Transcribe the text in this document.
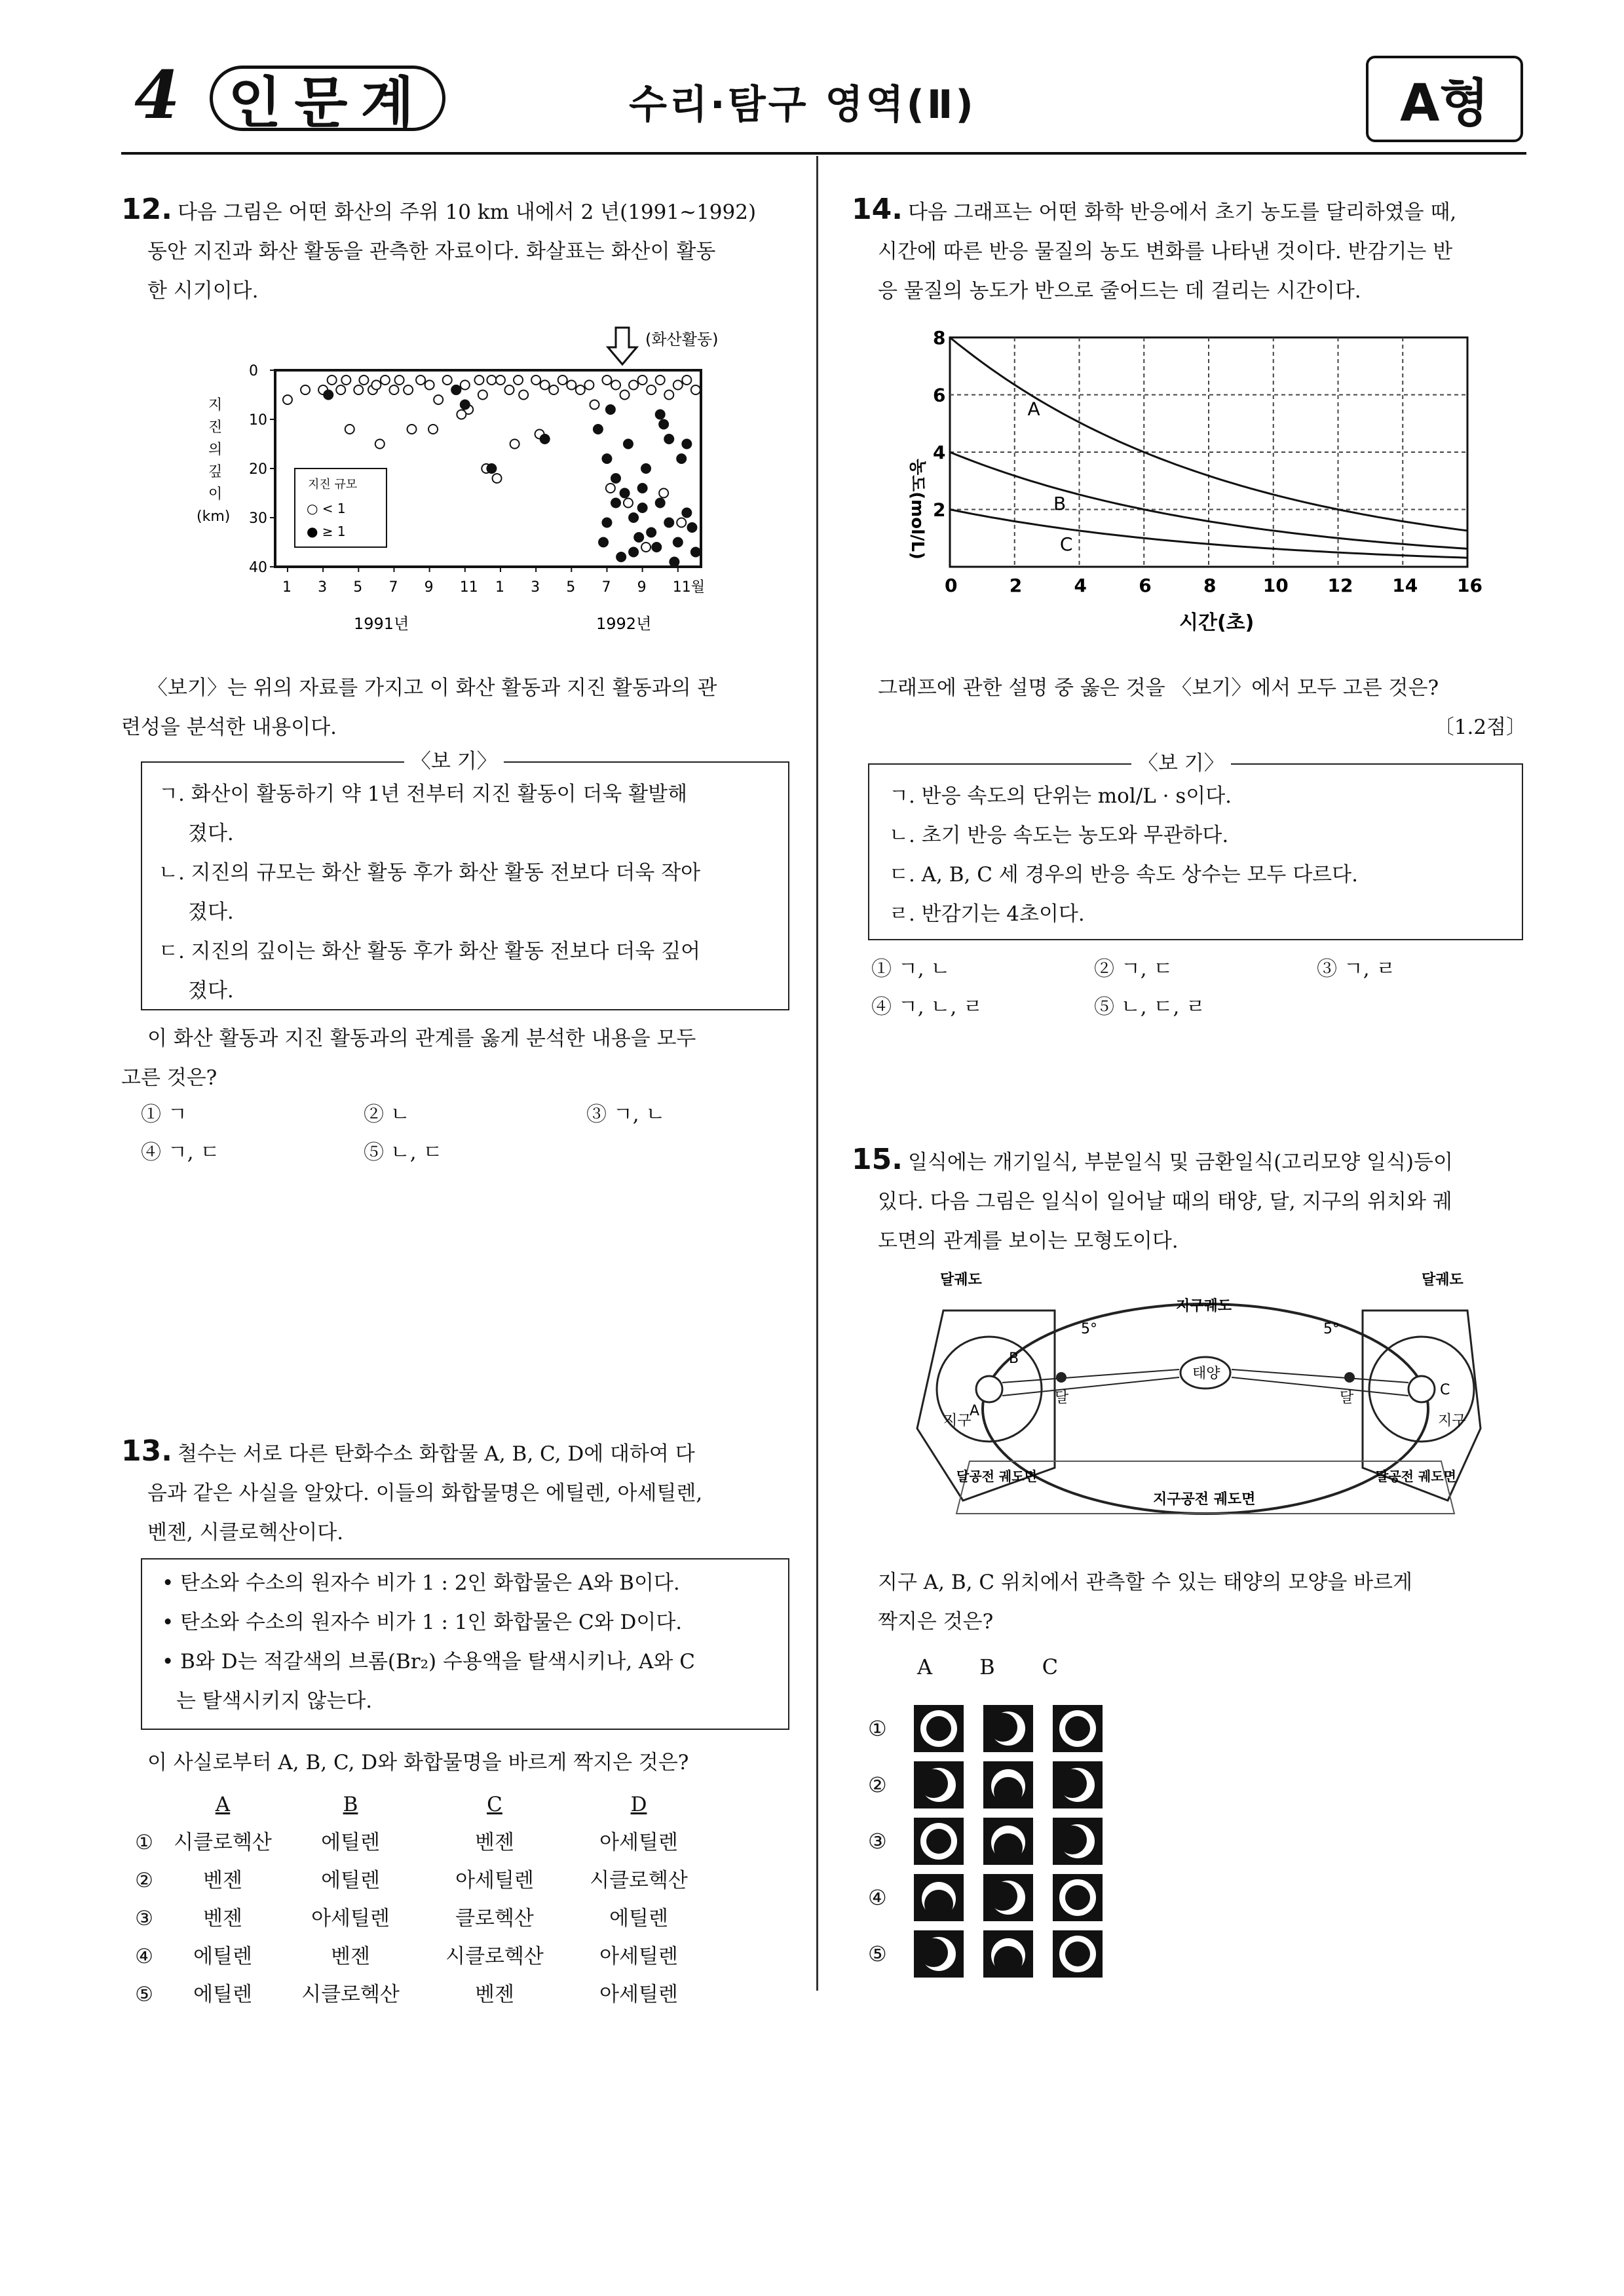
4 인문계	수리·탐구 영역(Ⅱ)	A형
12. 다음 그림은 어떤 화산의 주위 10 km 내에서 2 년(1991~1992)
동안 지진과 화산 활동을 관측한 자료이다. 화살표는 화산이 활동
한 시기이다.
(화산활동)
0
10
20
30
40
1 3 5 7 9 11 1 3 5 7 9 11월
지
진
의
깊
이
(km)
1991년	1992년
지진 규모
○ < 1
● ≥ 1
〈보기〉는 위의 자료를 가지고 이 화산 활동과 지진 활동과의 관
련성을 분석한 내용이다.
〈보 기〉
ㄱ. 화산이 활동하기 약 1년 전부터 지진 활동이 더욱 활발해
졌다.
ㄴ. 지진의 규모는 화산 활동 후가 화산 활동 전보다 더욱 작아
졌다.
ㄷ. 지진의 깊이는 화산 활동 후가 화산 활동 전보다 더욱 깊어
졌다.
이 화산 활동과 지진 활동과의 관계를 옳게 분석한 내용을 모두
고른 것은?
① ㄱ	② ㄴ	③ ㄱ, ㄴ
④ ㄱ, ㄷ	⑤ ㄴ, ㄷ
13. 철수는 서로 다른 탄화수소 화합물 A, B, C, D에 대하여 다
음과 같은 사실을 알았다. 이들의 화합물명은 에틸렌, 아세틸렌,
벤젠, 시클로헥산이다.
• 탄소와 수소의 원자수 비가 1 : 2인 화합물은 A와 B이다.
• 탄소와 수소의 원자수 비가 1 : 1인 화합물은 C와 D이다.
• B와 D는 적갈색의 브롬(Br₂) 수용액을 탈색시키나, A와 C
는 탈색시키지 않는다.
이 사실로부터 A, B, C, D와 화합물명을 바르게 짝지은 것은?
A	B	C	D
①	시클로헥산	에틸렌	벤젠	아세틸렌
②	벤젠	에틸렌	아세틸렌	시클로헥산
③	벤젠	아세틸렌	클로헥산	에틸렌
④	에틸렌	벤젠	시클로헥산	아세틸렌
⑤	에틸렌	시클로헥산	벤젠	아세틸렌
14. 다음 그래프는 어떤 화학 반응에서 초기 농도를 달리하였을 때,
시간에 따른 반응 물질의 농도 변화를 나타낸 것이다. 반감기는 반
응 물질의 농도가 반으로 줄어드는 데 걸리는 시간이다.
0	2	4	6	8	10 12 14 16
2
4
6
8
A
B
C
시간(초)
농도(mol/L)
그래프에 관한 설명 중 옳은 것을 〈보기〉에서 모두 고른 것은?
〔1.2점〕
〈보 기〉
ㄱ. 반응 속도의 단위는 mol/L · s이다.
ㄴ. 초기 반응 속도는 농도와 무관하다.
ㄷ. A, B, C 세 경우의 반응 속도 상수는 모두 다르다.
ㄹ. 반감기는 4초이다.
① ㄱ, ㄴ	② ㄱ, ㄷ	③ ㄱ, ㄹ
④ ㄱ, ㄴ, ㄹ	⑤ ㄴ, ㄷ, ㄹ
15. 일식에는 개기일식, 부분일식 및 금환일식(고리모양 일식)등이
있다. 다음 그림은 일식이 일어날 때의 태양, 달, 지구의 위치와 궤
도면의 관계를 보이는 모형도이다.
태양
달궤도	달궤도
지구궤도
달	달
지구	지구
5°	5°
달공전 궤도면	달공전 궤도면
지구공전 궤도면
A
B
C
지구 A, B, C 위치에서 관측할 수 있는 태양의 모양을 바르게
짝지은 것은?
A B C
①
②
③
④
⑤
